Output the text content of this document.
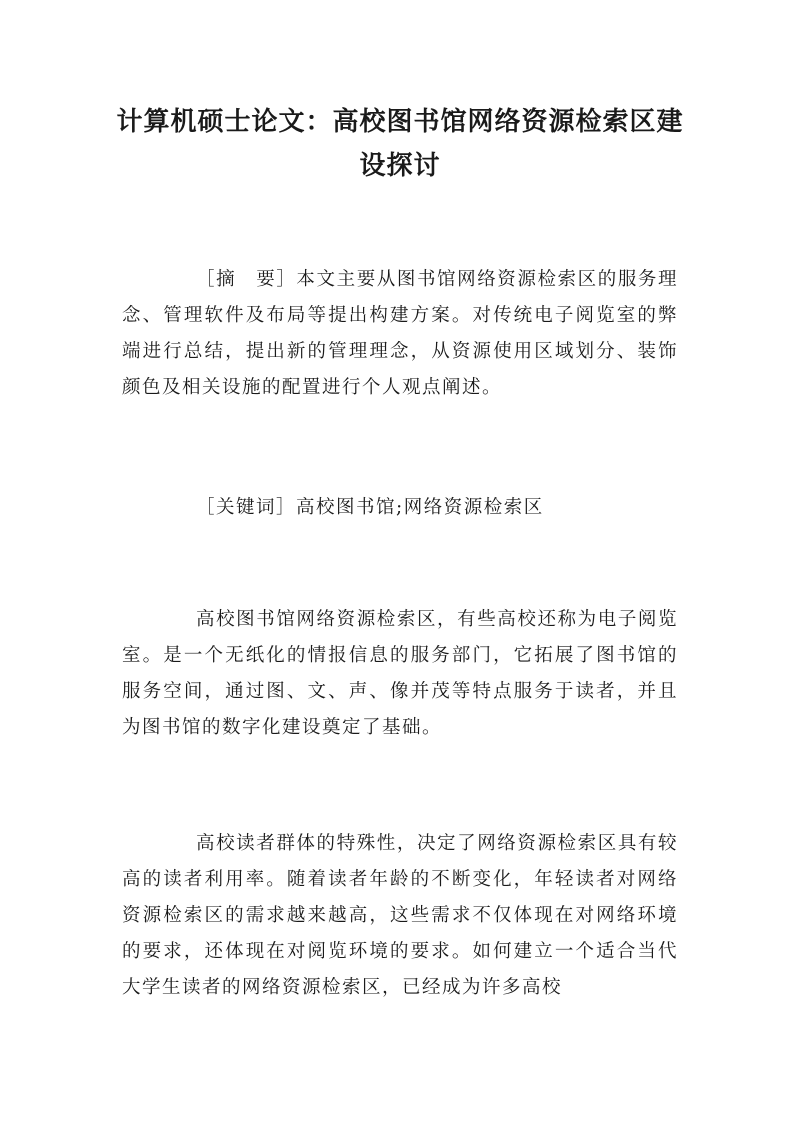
计算机硕士论文：高校图书馆网络资源检索区建设探讨

［摘　要］本文主要从图书馆网络资源检索区的服务理念、管理软件及布局等提出构建方案。对传统电子阅览室的弊端进行总结，提出新的管理理念，从资源使用区域划分、装饰颜色及相关设施的配置进行个人观点阐述。

［关键词］高校图书馆;网络资源检索区

高校图书馆网络资源检索区，有些高校还称为电子阅览室。是一个无纸化的情报信息的服务部门，它拓展了图书馆的服务空间，通过图、文、声、像并茂等特点服务于读者，并且为图书馆的数字化建设奠定了基础。

高校读者群体的特殊性，决定了网络资源检索区具有较高的读者利用率。随着读者年龄的不断变化，年轻读者对网络资源检索区的需求越来越高，这些需求不仅体现在对网络环境的要求，还体现在对阅览环境的要求。如何建立一个适合当代大学生读者的网络资源检索区，已经成为许多高校
